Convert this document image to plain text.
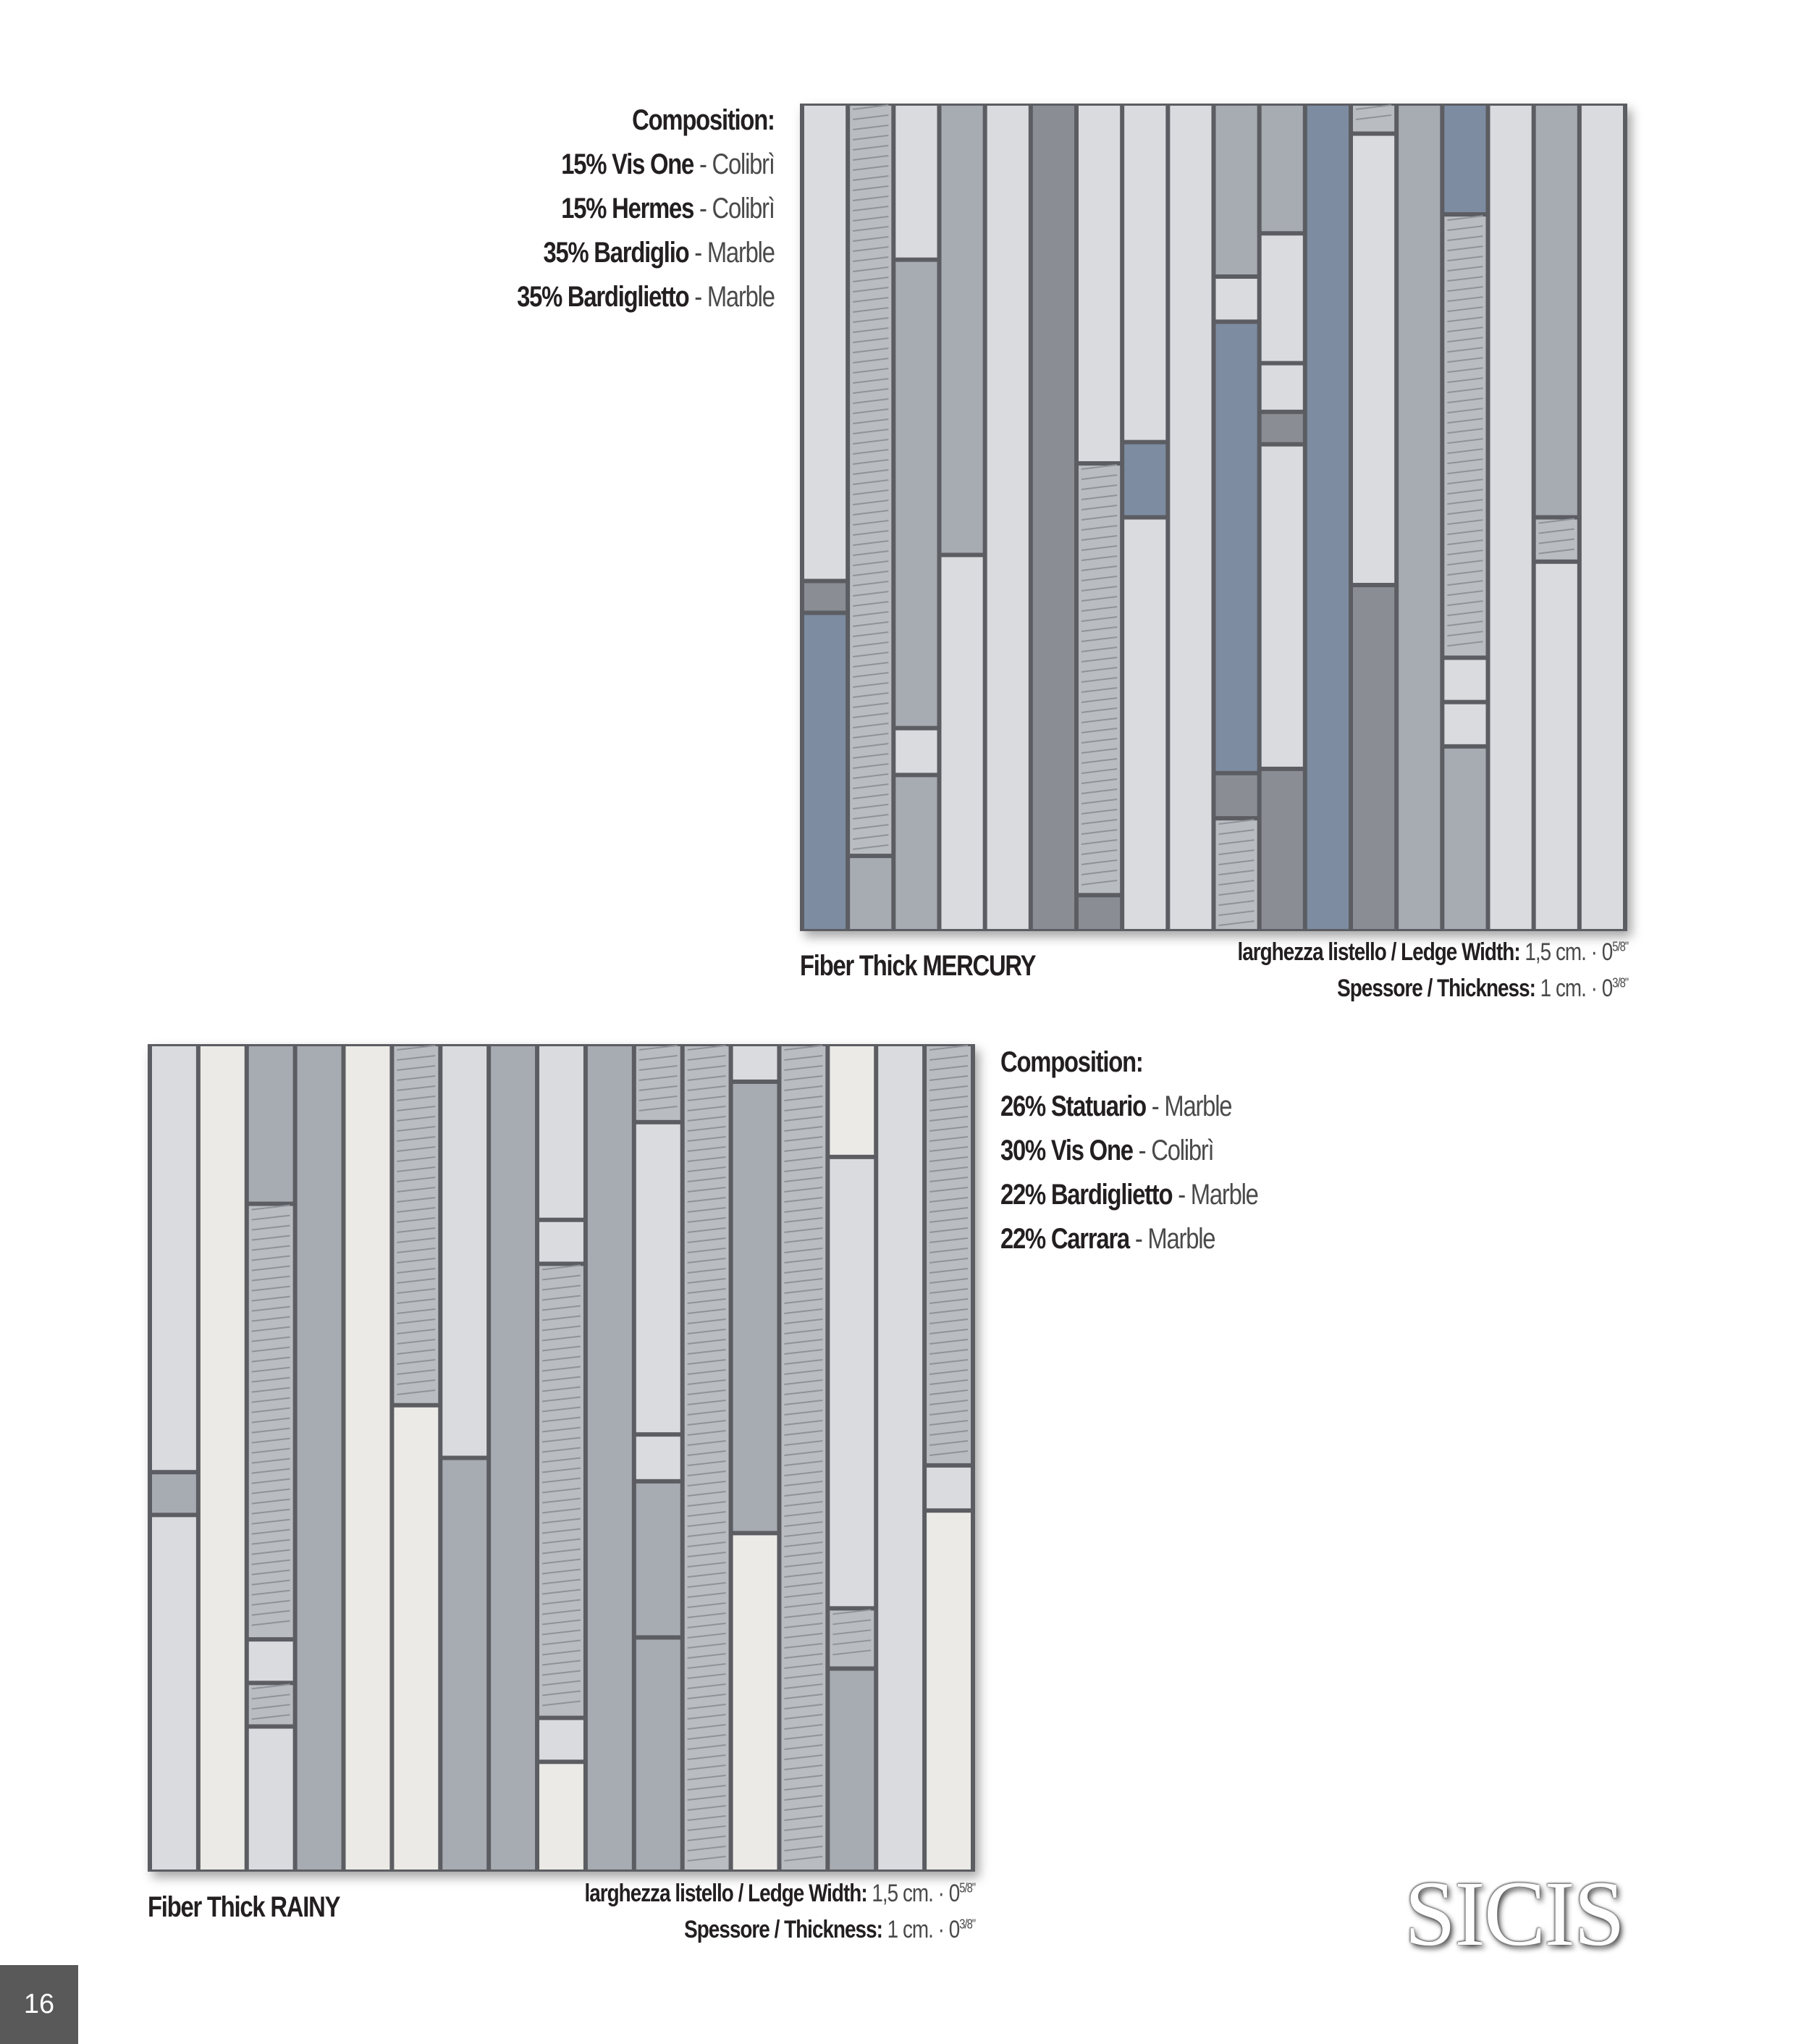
Composition:
15% Vis One - Colibrì
15% Hermes - Colibrì
35% Bardiglio - Marble
35% Bardiglietto - Marble
Fiber Thick MERCURY	larghezza listello / Ledge Width: 1,5 cm. · $0^{5/8"}$
Spessore / Thickness: 1 cm. · $0^{3/8"}$
Composition:
26% Statuario - Marble
30% Vis One - Colibrì
22% Bardiglietto - Marble
22% Carrara - Marble
Fiber Thick RAINY	larghezza listello / Ledge Width: 1,5 cm. · $0^{5/8"}$
Spessore / Thickness: 1 cm. · $0^{3/8"}$	SICIS
16
